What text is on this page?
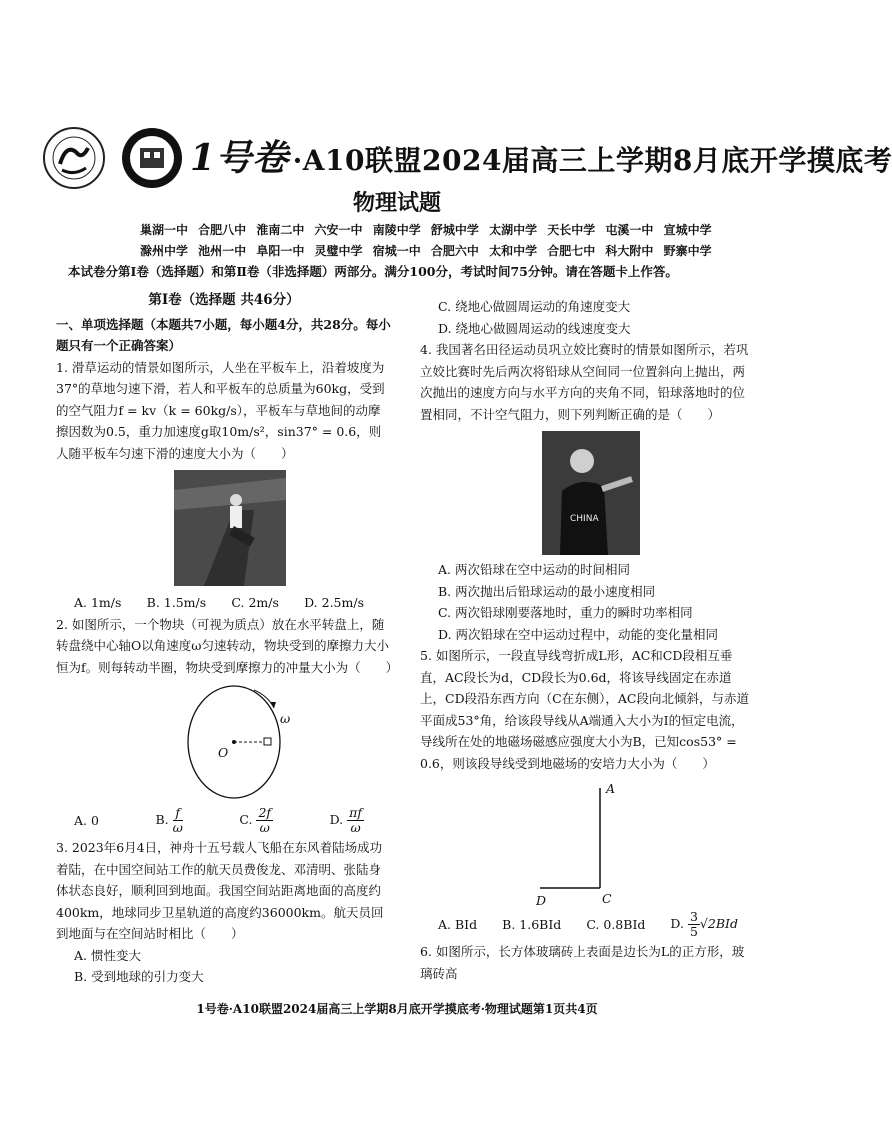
1号卷 ·A10联盟2024届高三上学期8月底开学摸底考
物理试题
巢湖一中 合肥八中 淮南二中 六安一中 南陵中学 舒城中学 太湖中学 天长中学 屯溪一中 宣城中学
滁州中学 池州一中 阜阳一中 灵璧中学 宿城一中 合肥六中 太和中学 合肥七中 科大附中 野寨中学
本试卷分第Ⅰ卷（选择题）和第Ⅱ卷（非选择题）两部分。满分100分，考试时间75分钟。请在答题卡上作答。
第Ⅰ卷（选择题 共46分）
一、单项选择题（本题共7小题，每小题4分，共28分。每小题只有一个正确答案）
1. 滑草运动的情景如图所示，人坐在平板车上，沿着坡度为37°的草地匀速下滑，若人和平板车的总质量为60kg，受到的空气阻力f = kv（k = 60kg/s），平板车与草地间的动摩擦因数为0.5，重力加速度g取10m/s²，sin37° = 0.6，则人随平板车匀速下滑的速度大小为（　　）
A. 1m/s B. 1.5m/s C. 2m/s D. 2.5m/s
2. 如图所示，一个物块（可视为质点）放在水平转盘上，随转盘绕中心轴O以角速度ω匀速转动，物块受到的摩擦力大小恒为f。则每转动半圈，物块受到摩擦力的冲量大小为（　　）
O
ω
A. 0	B. $\frac{f}{\omega}$	C. $\frac{2f}{\omega}$	D. $\frac{\pi f}{\omega}$
3. 2023年6月4日，神舟十五号载人飞船在东风着陆场成功着陆，在中国空间站工作的航天员费俊龙、邓清明、张陆身体状态良好，顺利回到地面。我国空间站距离地面的高度约400km，地球同步卫星轨道的高度约36000km。航天员回到地面与在空间站时相比（　　）
A. 惯性变大
B. 受到地球的引力变大
C. 绕地心做圆周运动的角速度变大
D. 绕地心做圆周运动的线速度变大
4. 我国著名田径运动员巩立姣比赛时的情景如图所示，若巩立姣比赛时先后两次将铅球从空间同一位置斜向上抛出，两次抛出的速度方向与水平方向的夹角不同，铅球落地时的位置相同，不计空气阻力，则下列判断正确的是（　　）
CHINA
A. 两次铅球在空中运动的时间相同
B. 两次抛出后铅球运动的最小速度相同
C. 两次铅球刚要落地时，重力的瞬时功率相同
D. 两次铅球在空中运动过程中，动能的变化量相同
5. 如图所示，一段直导线弯折成L形，AC和CD段相互垂直，AC段长为d，CD段长为0.6d，将该导线固定在赤道上，CD段沿东西方向（C在东侧），AC段向北倾斜，与赤道平面成53°角，给该段导线从A端通入大小为I的恒定电流，导线所在处的地磁场磁感应强度大小为B，已知cos53° = 0.6，则该段导线受到地磁场的安培力大小为（　　）
A
C
D
A. BId B. 1.6BId C. 0.8BId D. $\frac{3}{5} √2BId$
6. 如图所示，长方体玻璃砖上表面是边长为L的正方形，玻璃砖高
1号卷·A10联盟2024届高三上学期8月底开学摸底考·物理试题第1页共4页
